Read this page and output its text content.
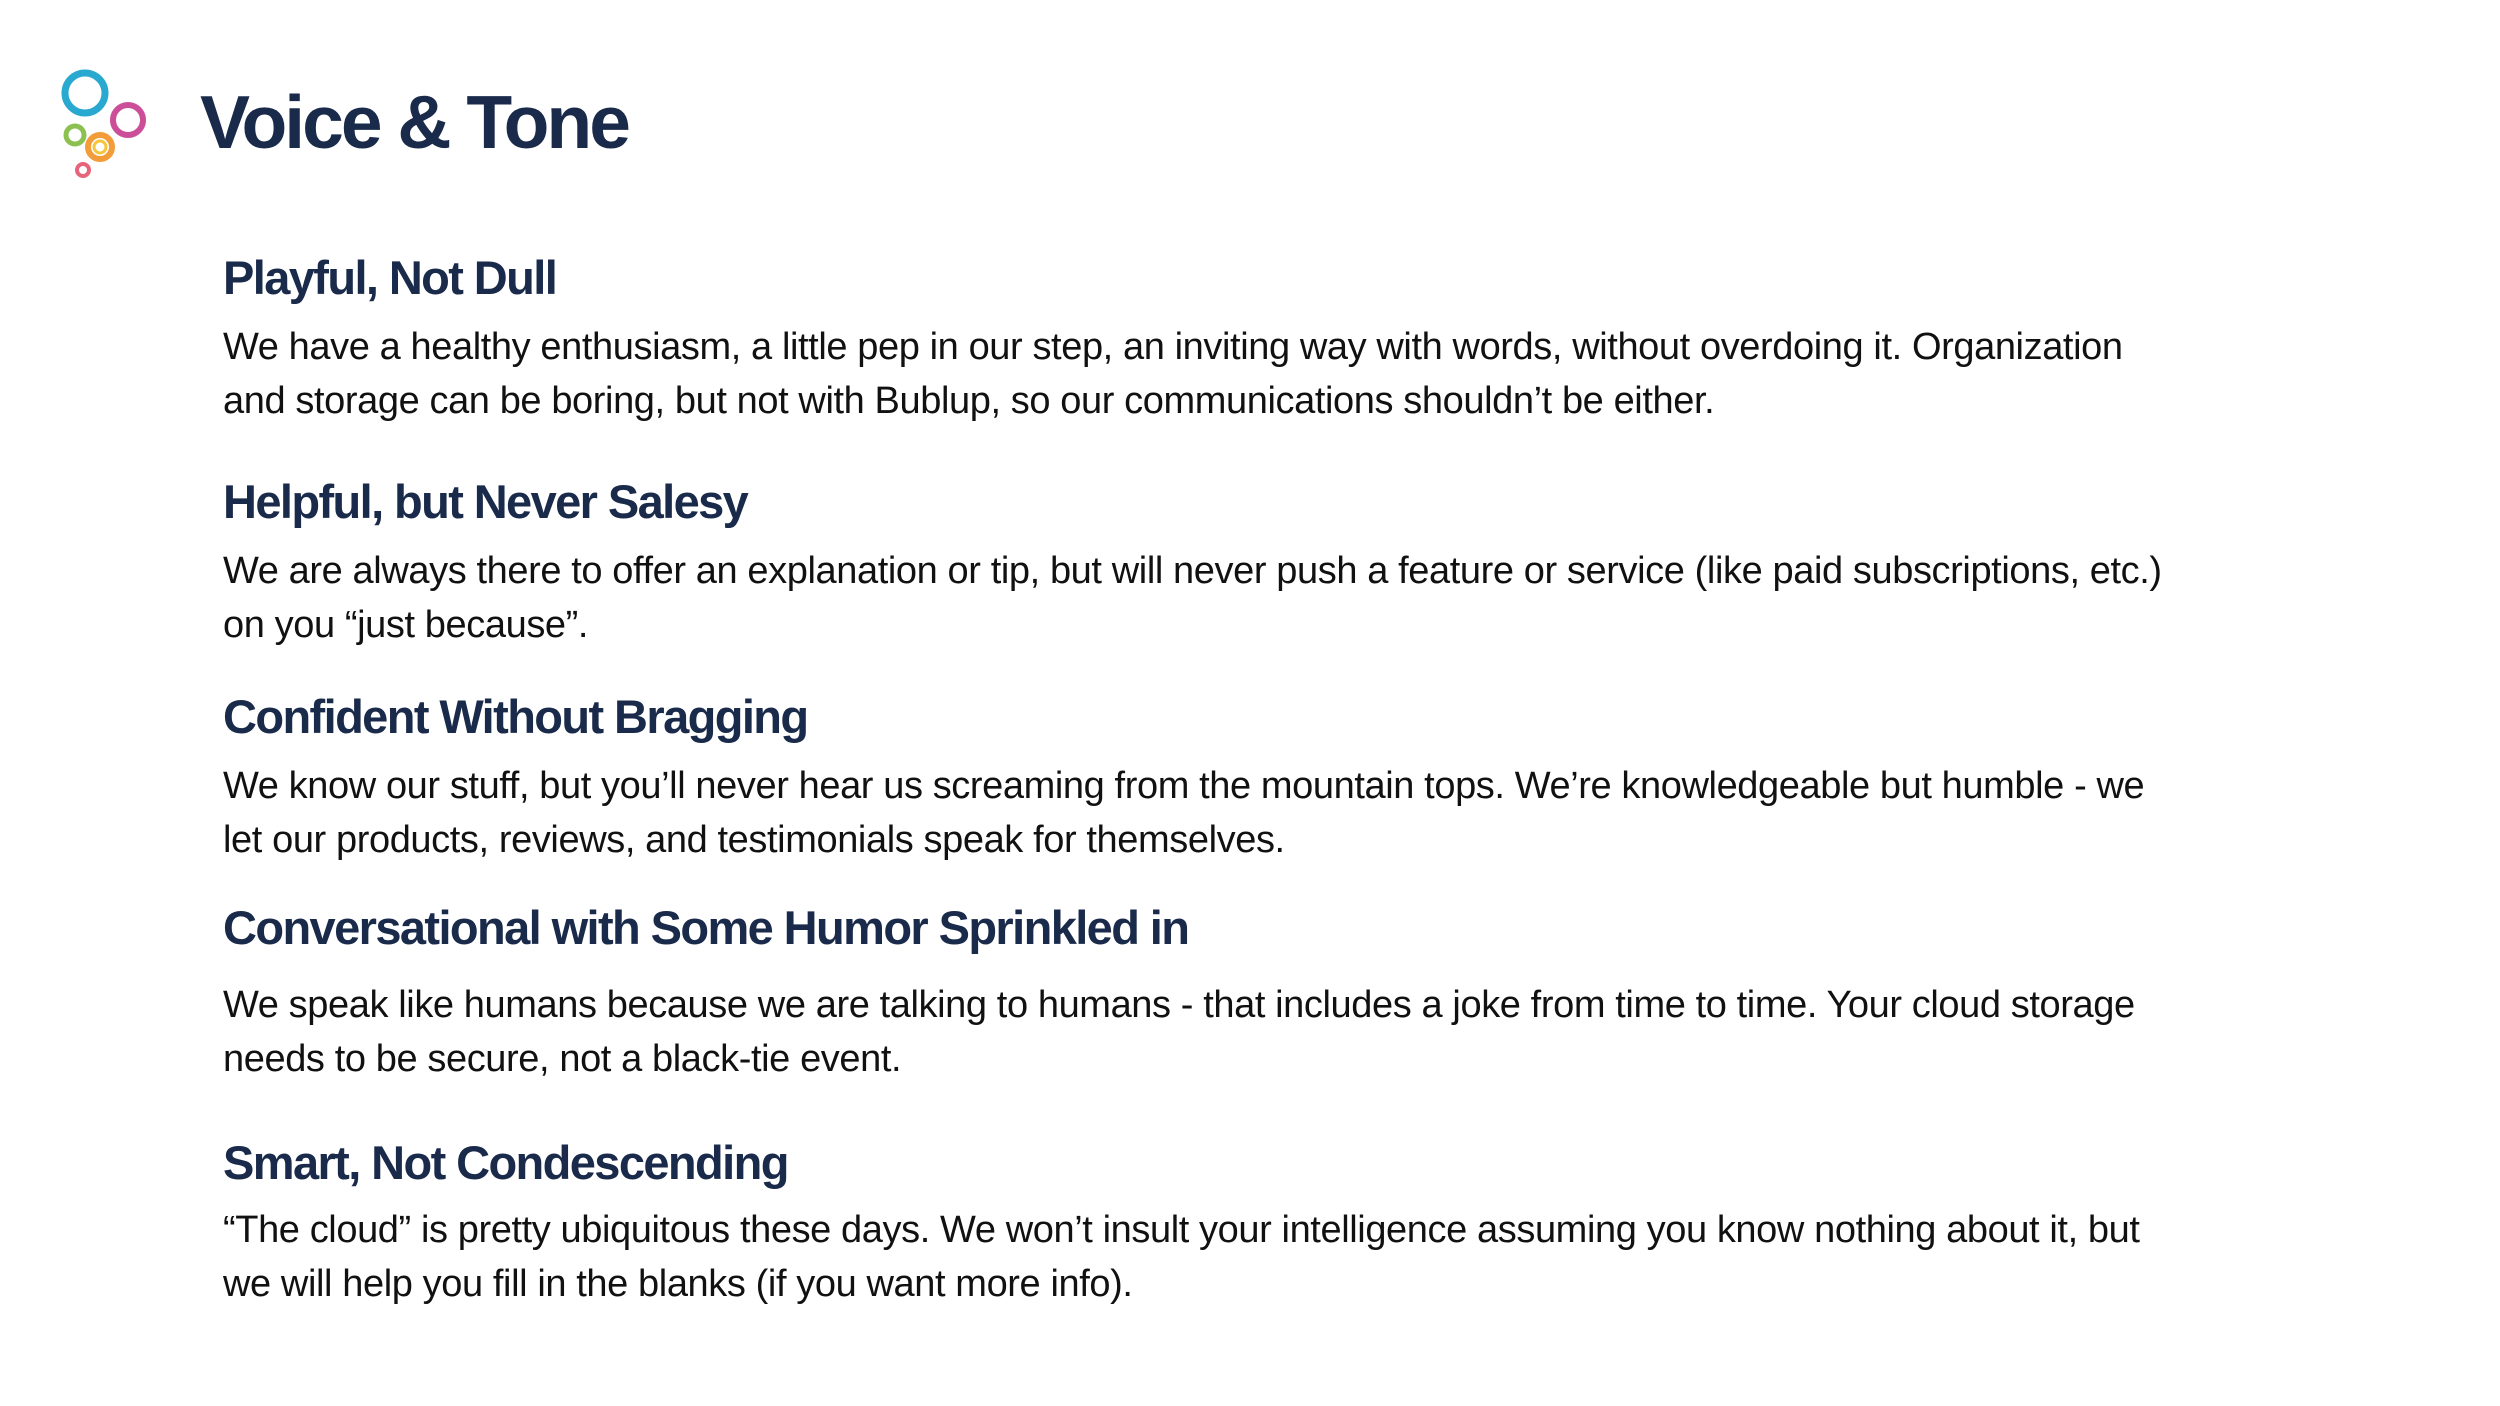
Voice & Tone
Playful, Not Dull

We have a healthy enthusiasm, a little pep in our step, an inviting way with words, without overdoing it. Organization and storage can be boring, but not with Bublup, so our communications shouldn’t be either.

Helpful, but Never Salesy

We are always there to offer an explanation or tip, but will never push a feature or service (like paid subscriptions, etc.) on you “just because”.

Confident Without Bragging

We know our stuff, but you’ll never hear us screaming from the mountain tops. We’re knowledgeable but humble - we let our products, reviews, and testimonials speak for themselves.

Conversational with Some Humor Sprinkled in

We speak like humans because we are talking to humans - that includes a joke from time to time. Your cloud storage needs to be secure, not a black-tie event.

Smart, Not Condescending

“The cloud” is pretty ubiquitous these days. We won’t insult your intelligence assuming you know nothing about it, but we will help you fill in the blanks (if you want more info).
